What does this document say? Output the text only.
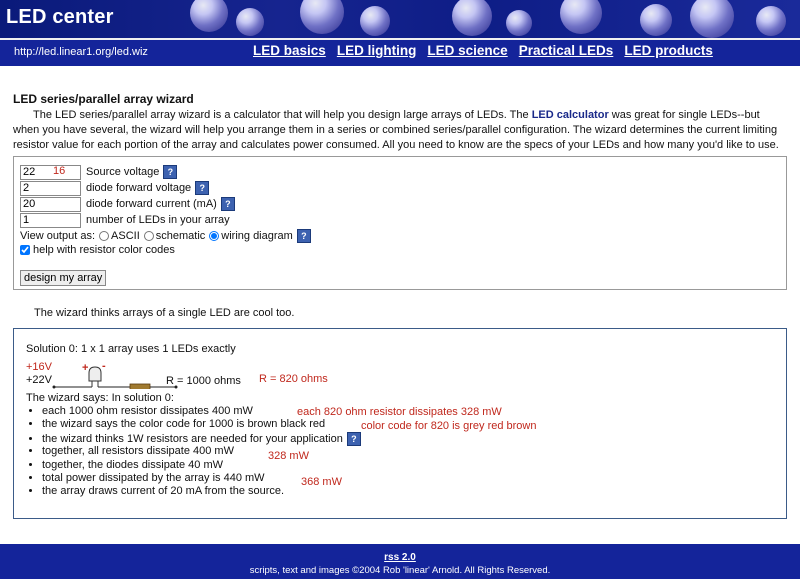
LED center
http://led.linear1.org/led.wiz	LED basics LED lighting LED science Practical LEDs LED products
LED series/parallel array wizard

The LED series/parallel array wizard is a calculator that will help you design large arrays of LEDs. The LED calculator was great for single LEDs--but when you have several, the wizard will help you arrange them in a series or combined series/parallel configuration. The wizard determines the current limiting resistor value for each portion of the array and calculates power consumed. All you need to know are the specs of your LEDs and how many you'd like to use.

22
Source voltage ?
16
2
diode forward voltage ?
20
diode forward current (mA) ?
1
number of LEDs in your array
View output as: ASCII schematic wiring diagram ?
help with resistor color codes
design my array
The wizard thinks arrays of a single LED are cool too.
Solution 0: 1 x 1 array uses 1 LEDs exactly
+16V
+22V
+ -
R = 1000 ohms R = 820 ohms
The wizard says: In solution 0:
• each 1000 ohm resistor dissipates 400 mW
• the wizard says the color code for 1000 is brown black red
• the wizard thinks 1W resistors are needed for your application ?
• together, all resistors dissipate 400 mW
• together, the diodes dissipate 40 mW
• total power dissipated by the array is 440 mW
• the array draws current of 20 mA from the source.
each 820 ohm resistor dissipates 328 mW
color code for 820 is grey red brown
328 mW
368 mW
rss 2.0
scripts, text and images ©2004 Rob 'linear' Arnold. All Rights Reserved.
